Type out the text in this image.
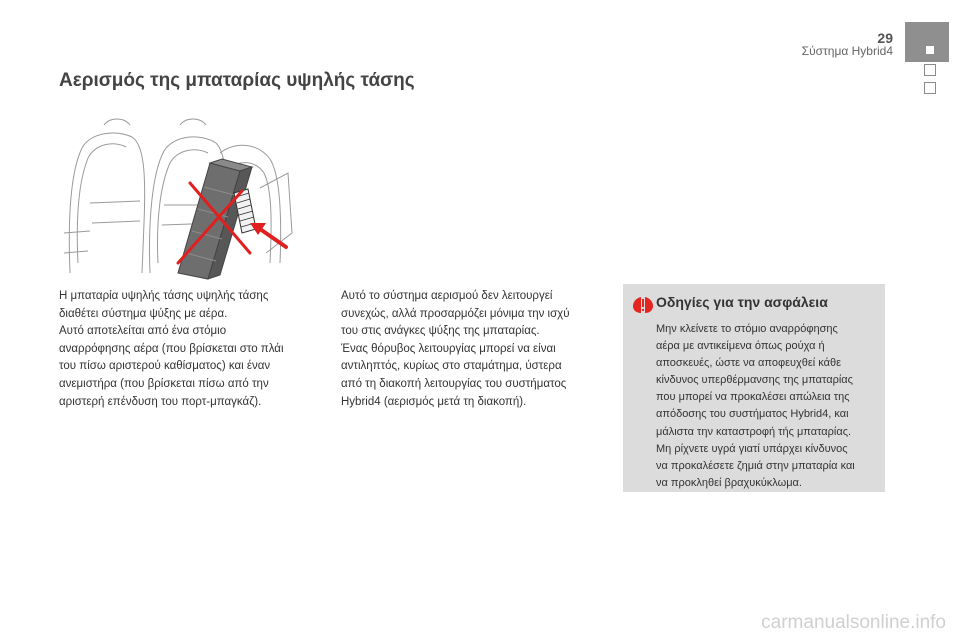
29
Σύστημα Hybrid4
Αερισμός της μπαταρίας υψηλής τάσης

Η μπαταρία υψηλής τάσης υψηλής τάσης
διαθέτει σύστημα ψύξης με αέρα.
Αυτό αποτελείται από ένα στόμιο
αναρρόφησης αέρα (που βρίσκεται στο πλάι
του πίσω αριστερού καθίσματος) και έναν
ανεμιστήρα (που βρίσκεται πίσω από την
αριστερή επένδυση του πορτ-μπαγκάζ).

Αυτό το σύστημα αερισμού δεν λειτουργεί
συνεχώς, αλλά προσαρμόζει μόνιμα την ισχύ
του στις ανάγκες ψύξης της μπαταρίας.
Ένας θόρυβος λειτουργίας μπορεί να είναι
αντιληπτός, κυρίως στο σταμάτημα, ύστερα
από τη διακοπή λειτουργίας του συστήματος
Hybrid4 (αερισμός μετά τη διακοπή).

Οδηγίες για την ασφάλεια

Μην κλείνετε το στόμιο αναρρόφησης
αέρα με αντικείμενα όπως ρούχα ή
αποσκευές, ώστε να αποφευχθεί κάθε
κίνδυνος υπερθέρμανσης της μπαταρίας
που μπορεί να προκαλέσει απώλεια της
απόδοσης του συστήματος Hybrid4, και
μάλιστα την καταστροφή τής μπαταρίας.
Μη ρίχνετε υγρά γιατί υπάρχει κίνδυνος
να προκαλέσετε ζημιά στην μπαταρία και
να προκληθεί βραχυκύκλωμα.

carmanualsonline.info
